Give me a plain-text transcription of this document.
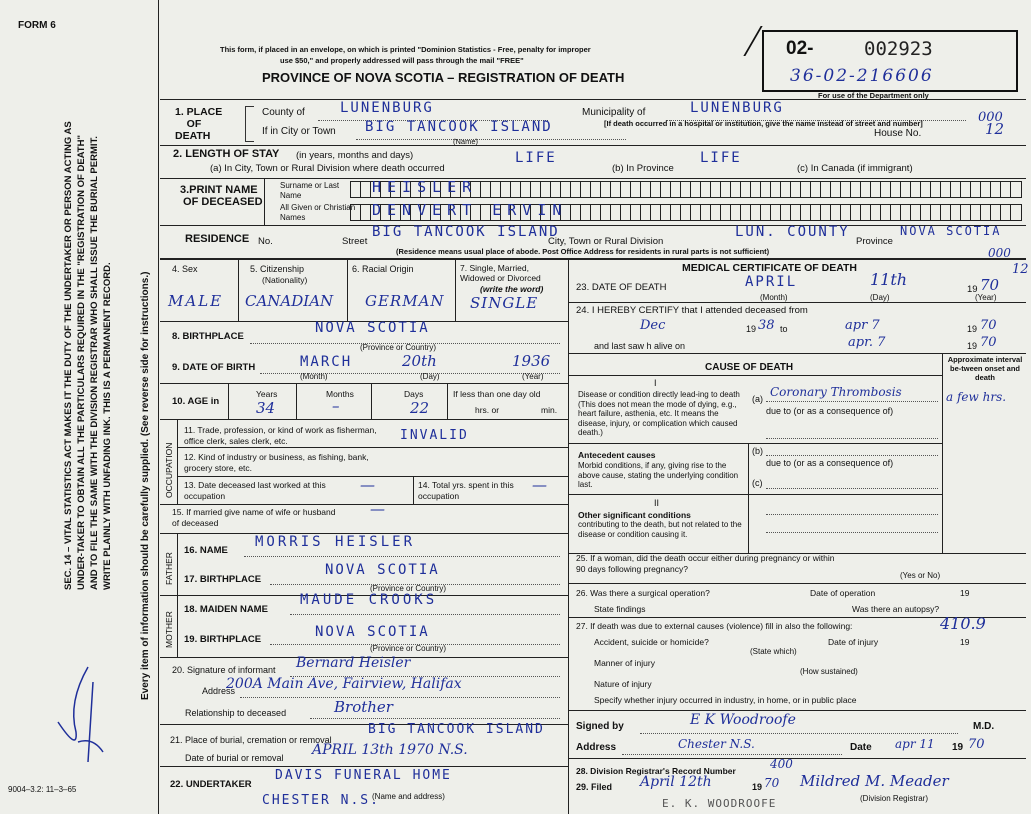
FORM 6
This form, if placed in an envelope, on which is printed "Dominion Statistics - Free, penalty for improper
use $50," and properly addressed will pass through the mail "FREE"
PROVINCE OF NOVA SCOTIA – REGISTRATION OF DEATH
02-	002923
36-02-216606
For use of the Department only
SEC. 14 – VITAL STATISTICS ACT MAKES IT THE DUTY OF THE UNDERTAKER OR PERSON ACTING AS UNDER-TAKER TO OBTAIN ALL THE PARTICULARS REQUIRED IN THE "REGISTRATION OF DEATH" AND TO FILE THE SAME WITH THE DIVISION REGISTRAR WHO SHALL ISSUE THE BURIAL PERMIT. WRITE PLAINLY WITH UNFADING INK. THIS IS A PERMANENT RECORD.	Every item of information should be carefully supplied. (See reverse side for instructions.)
9004–3.2: 11–3–65
1. PLACE
OF
DEATH
County of	LUNENBURG	Municipality of	LUNENBURG
000
If in City or Town BIG TANCOOK ISLAND
(Name)
[If death occurred in a hospital or institution, give the name instead of street and number]
House No.	12
2. LENGTH OF STAY (in years, months and days)
(a) In City, Town or Rural Division where death occurred
LIFE
(b) In Province
LIFE
(c) In Canada (if immigrant)
3.PRINT NAME
OF DECEASED
Surname or Last Name
All Given or Christian Names
HEISLER
DENVERT ERVIN
RESIDENCE No.	Street
BIG TANCOOK ISLAND
City, Town or Rural Division
LUN. COUNTY
Province
NOVA SCOTIA
000
(Residence means usual place of abode. Post Office Address for residents in rural parts is not sufficient)
4. Sex	5. Citizenship
(Nationality)
6. Racial Origin	7. Single, Married, Widowed or Divorced
(write the word)
MALE CANADIAN GERMAN SINGLE
8. BIRTHPLACE
NOVA SCOTIA
(Province or Country)
9. DATE OF BIRTH	MARCH	20th	1936
(Month)	(Day)	(Year)
10. AGE in
Years	Months	Days
34	–	22
If less than one day old
hrs. or	min.
OCCUPATION
11. Trade, profession, or kind of work as fisherman, office clerk, sales clerk, etc.	INVALID
12. Kind of industry or business, as fishing, bank, grocery store, etc.
13. Date deceased last worked at this occupation
—	14. Total yrs. spent in this occupation
—
15. If married give name of wife or husband of deceased
—
FATHER
16. NAME
MORRIS HEISLER
17. BIRTHPLACE
NOVA SCOTIA
(Province or Country)
MOTHER
18. MAIDEN NAME
MAUDE CROOKS
19. BIRTHPLACE	NOVA SCOTIA
(Province or Country)
20. Signature of informant Bernard Heisler
Address
200A Main Ave, Fairview, Halifax
Relationship to deceased	Brother
21. Place of burial, cremation or removal
BIG TANCOOK ISLAND
Date of burial or removal APRIL 13th 1970 N.S.
22. UNDERTAKER
DAVIS FUNERAL HOME
CHESTER N.S.
(Name and address)
MEDICAL CERTIFICATE OF DEATH
23. DATE OF DEATH	APRIL	11th
19 70
12
(Month)	(Day)	(Year)
24. I HEREBY CERTIFY that I attended deceased from
Dec	19 38 to	apr 7	19 70
and last saw h alive on	apr. 7	19 70
CAUSE OF DEATH
Approximate interval be-tween onset and death
I
Disease or condition directly lead-ing to death (This does not mean the mode of dying, e.g., heart failure, asthenia, etc. It means the disease, injury, or complication which caused death.)
(a) Coronary Thrombosis	a few hrs.
due to (or as a consequence of)
Antecedent causes
Morbid conditions, if any, giving rise to the above cause, stating the underlying condition last.
(b)
due to (or as a consequence of)
(c)
II
Other significant conditions
contributing to the death, but not related to the disease or condition causing it.
25. If a woman, did the death occur either during pregnancy or within 90 days following pregnancy?
(Yes or No)
26. Was there a surgical operation?	Date of operation	19
State findings	Was there an autopsy?
27. If death was due to external causes (violence) fill in also the following:	410.9
Accident, suicide or homicide?
(State which)
Date of injury	19
Manner of injury
(How sustained)
Nature of injury
Specify whether injury occurred in industry, in home, or in public place
Signed by	E K Woodroofe	M.D.
Address	Chester N.S.	Date apr 11 19 70
28. Division Registrar's Record Number	400
29. Filed April 12th	19 70 Mildred M. Meader
(Division Registrar)
E. K. WOODROOFE
